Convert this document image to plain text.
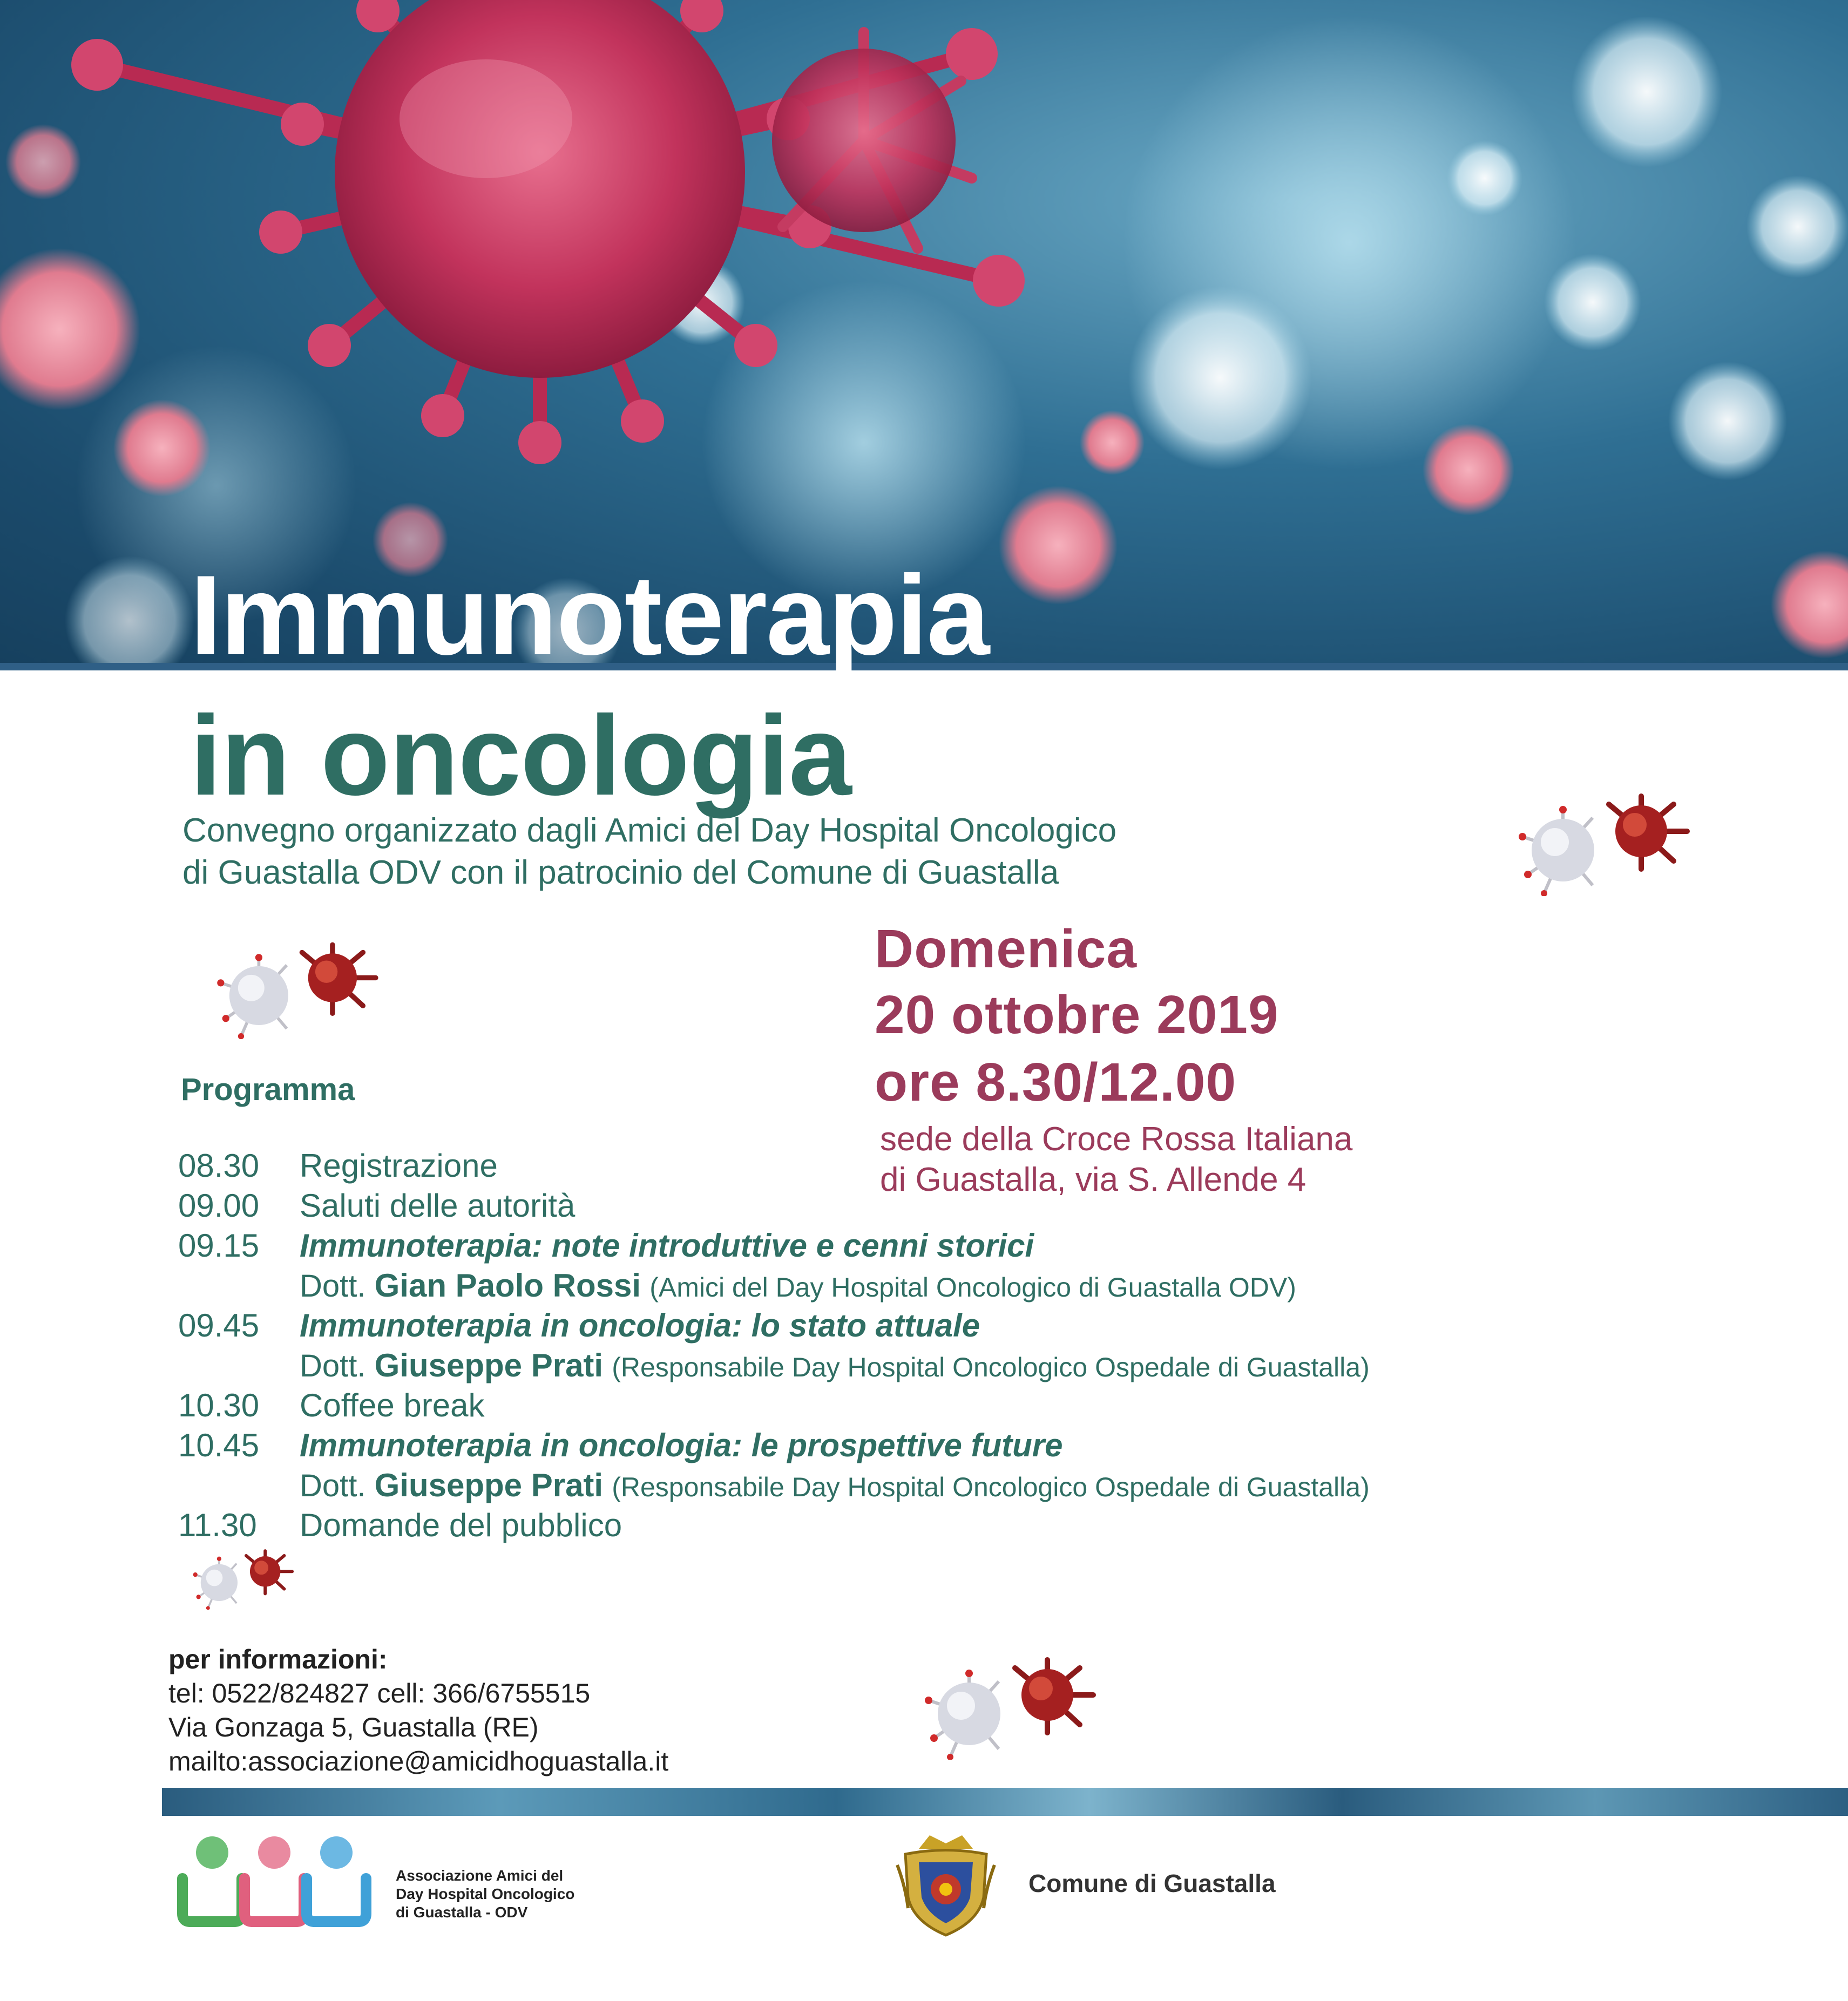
Immunoterapia
in oncologia
Convegno organizzato dagli Amici del Day Hospital Oncologico
di Guastalla ODV con il patrocinio del Comune di Guastalla
Domenica
20 ottobre 2019
ore 8.30/12.00
sede della Croce Rossa Italiana
di Guastalla, via S. Allende 4
Programma
08.30 Registrazione
09.00 Saluti delle autorità
09.15 Immunoterapia: note introduttive e cenni storici
Dott. Gian Paolo Rossi (Amici del Day Hospital Oncologico di Guastalla ODV)
09.45 Immunoterapia in oncologia: lo stato attuale
Dott. Giuseppe Prati (Responsabile Day Hospital Oncologico Ospedale di Guastalla)
10.30 Coffee break
10.45 Immunoterapia in oncologia: le prospettive future
Dott. Giuseppe Prati (Responsabile Day Hospital Oncologico Ospedale di Guastalla)
11.30 Domande del pubblico
per informazioni:
tel: 0522/824827 cell: 366/6755515
Via Gonzaga 5, Guastalla (RE)
mailto:associazione@amicidhoguastalla.it
Associazione Amici del
Day Hospital Oncologico
di Guastalla - ODV
Comune di Guastalla
